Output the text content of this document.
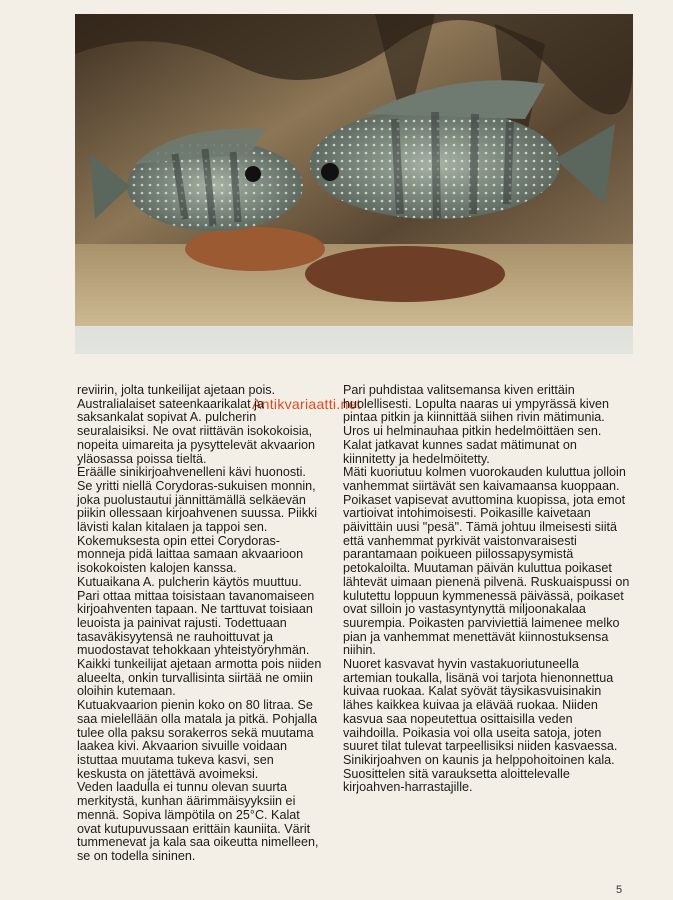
Antikvariaatti.net

reviirin, jolta tunkeilijat ajetaan pois. Australialaiset sateenkaarikalat ja saksankalat sopivat A. pulcherin seuralaisiksi. Ne ovat riittävän isokokoisia, nopeita uimareita ja pysyttelevät akvaarion yläosassa poissa tieltä.

Eräälle sinikirjoahvenelleni kävi huonosti. Se yritti niellä Corydoras-sukuisen monnin, joka puolustautui jännittämällä selkäevän piikin ollessaan kirjoahvenen suussa. Piikki lävisti kalan kitalaen ja tappoi sen. Kokemuksesta opin ettei Corydoras-monneja pidä laittaa samaan akvaarioon isokokoisten kalojen kanssa.

Kutuaikana A. pulcherin käytös muuttuu. Pari ottaa mittaa toisistaan tavanomaiseen kirjoahventen tapaan. Ne tarttuvat toisiaan leuoista ja painivat rajusti. Todettuaan tasaväkisyytensä ne rauhoittuvat ja muodostavat tehokkaan yhteistyöryhmän. Kaikki tunkeilijat ajetaan armotta pois niiden alueelta, onkin turvallisinta siirtää ne omiin oloihin kutemaan.

Kutuakvaarion pienin koko on 80 litraa. Se saa mielellään olla matala ja pitkä. Pohjalla tulee olla paksu sorakerros sekä muutama laakea kivi. Akvaarion sivuille voidaan istuttaa muutama tukeva kasvi, sen keskusta on jätettävä avoimeksi.

Veden laadulla ei tunnu olevan suurta merkitystä, kunhan äärimmäisyyksiin ei mennä. Sopiva lämpötila on 25°C. Kalat ovat kutupuvussaan erittäin kauniita. Värit tummenevat ja kala saa oikeutta nimelleen, se on todella sininen.

Pari puhdistaa valitsemansa kiven erittäin huolellisesti. Lopulta naaras ui ympyrässä kiven pintaa pitkin ja kiinnittää siihen rivin mätimunia. Uros ui helminauhaa pitkin hedelmöittäen sen. Kalat jatkavat kunnes sadat mätimunat on kiinnitetty ja hedelmöitetty.

Mäti kuoriutuu kolmen vuorokauden kuluttua jolloin vanhemmat siirtävät sen kaivamaansa kuoppaan. Poikaset vapisevat avuttomina kuopissa, jota emot vartioivat intohimoisesti. Poikasille kaivetaan päivittäin uusi "pesä". Tämä johtuu ilmeisesti siitä että vanhemmat pyrkivät vaistonvaraisesti parantamaan poikueen piilossapysymistä petokaloilta. Muutaman päivän kuluttua poikaset lähtevät uimaan pienenä pilvenä. Ruskuaispussi on kulutettu loppuun kymmenessä päivässä, poikaset ovat silloin jo vastasyntynyttä miljoonakalaa suurempia. Poikasten parviviettiä laimenee melko pian ja vanhemmat menettävät kiinnostuksensa niihin.

Nuoret kasvavat hyvin vastakuoriutuneella artemian toukalla, lisänä voi tarjota hienonnettua kuivaa ruokaa. Kalat syövät täysikasvuisinakin lähes kaikkea kuivaa ja elävää ruokaa. Niiden kasvua saa nopeutettua osittaisilla veden vaihdoilla. Poikasia voi olla useita satoja, joten suuret tilat tulevat tarpeellisiksi niiden kasvaessa.

Sinikirjoahven on kaunis ja helppohoitoinen kala. Suosittelen sitä varauksetta aloittelevalle kirjoahven-harrastajille.

5
